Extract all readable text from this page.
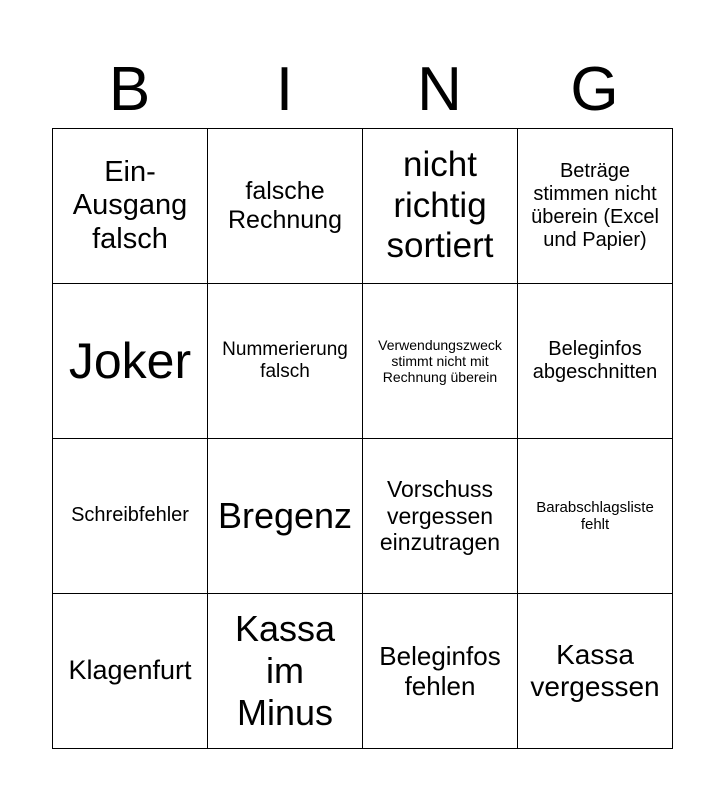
B	I	N	G
Ein-Ausgang falsch	falsche Rechnung	nicht richtig sortiert	Beträge stimmen nicht überein (Excel und Papier)

Joker	Nummerierung falsch	Verwendungszweck stimmt nicht mit Rechnung überein	Beleginfos abgeschnitten

Schreibfehler	Bregenz	Vorschuss vergessen einzutragen	Barabschlagsliste fehlt

Klagenfurt	Kassa im Minus	Beleginfos fehlen	Kassa vergessen
